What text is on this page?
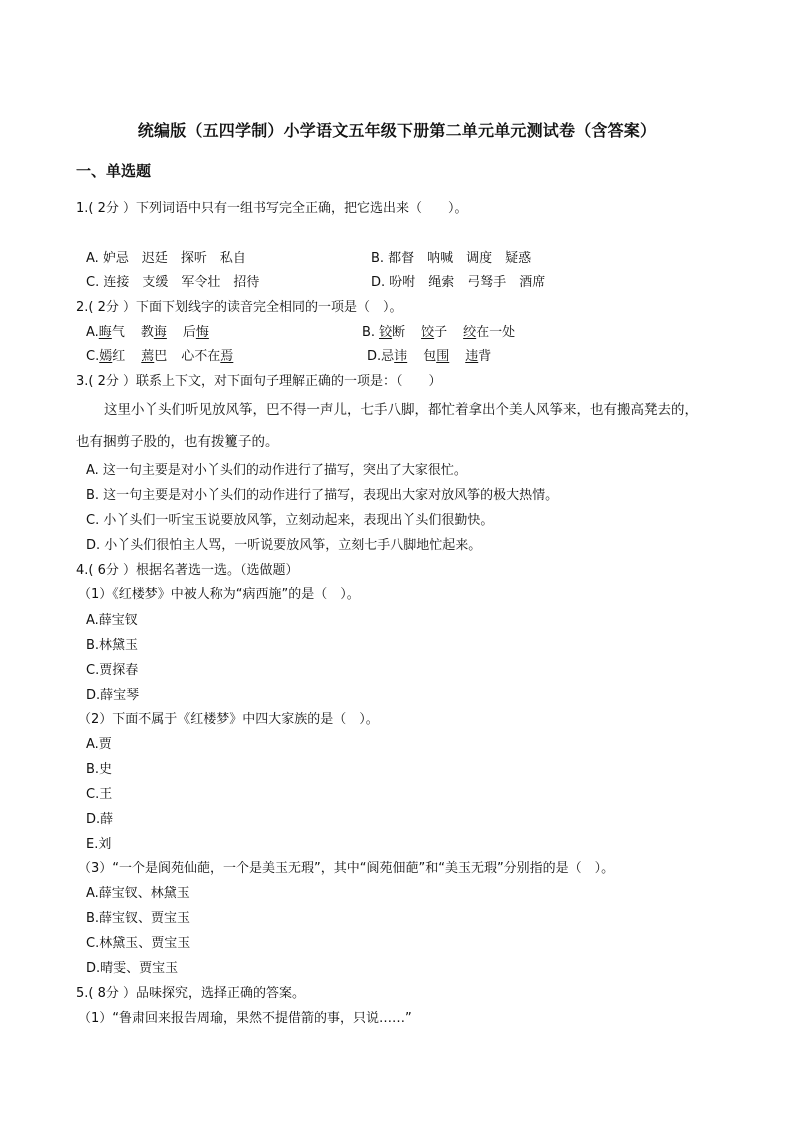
统编版（五四学制）小学语文五年级下册第二单元单元测试卷（含答案）
一、单选题
1.( 2分 ）下列词语中只有一组书写完全正确，把它选出来（　　）。
A. 妒忌　迟廷　探听　私自	B. 都督　呐喊　调度　疑惑
C. 连接　支缓　军令壮　招待	D. 吩咐　绳索　弓驽手　酒席
2.( 2分 ）下面下划线字的读音完全相同的一项是（　）。
A.晦气 教诲 后悔	B. 铰断 饺子 绞在一处
C.嫣红 蔫巴 心不在焉	D.忌讳 包围 违背
3.( 2分 ）联系上下文，对下面句子理解正确的一项是：（　　）
这里小丫头们听见放风筝，巴不得一声儿，七手八脚，都忙着拿出个美人风筝来，也有搬高凳去的，
也有捆剪子股的，也有拨籰子的。
A. 这一句主要是对小丫头们的动作进行了描写，突出了大家很忙。
B. 这一句主要是对小丫头们的动作进行了描写，表现出大家对放风筝的极大热情。
C. 小丫头们一听宝玉说要放风筝，立刻动起来，表现出丫头们很勤快。
D. 小丫头们很怕主人骂，一听说要放风筝，立刻七手八脚地忙起来。
4.( 6分 ）根据名著选一选。（选做题）
（1）《红楼梦》中被人称为“病西施”的是（　）。
A.薛宝钗
B.林黛玉
C.贾探春
D.薛宝琴
（2）下面不属于《红楼梦》中四大家族的是（　）。
A.贾
B.史
C.王
D.薛
E.刘
（3）“一个是阆苑仙葩，一个是美玉无瑕”，其中“阆苑佃葩”和“美玉无瑕”分别指的是（　）。
A.薛宝钗、林黛玉
B.薛宝钗、贾宝玉
C.林黛玉、贾宝玉
D.晴雯、贾宝玉
5.( 8分 ）品味探究，选择正确的答案。
（1）“鲁肃回来报告周瑜，果然不提借箭的事，只说……”
